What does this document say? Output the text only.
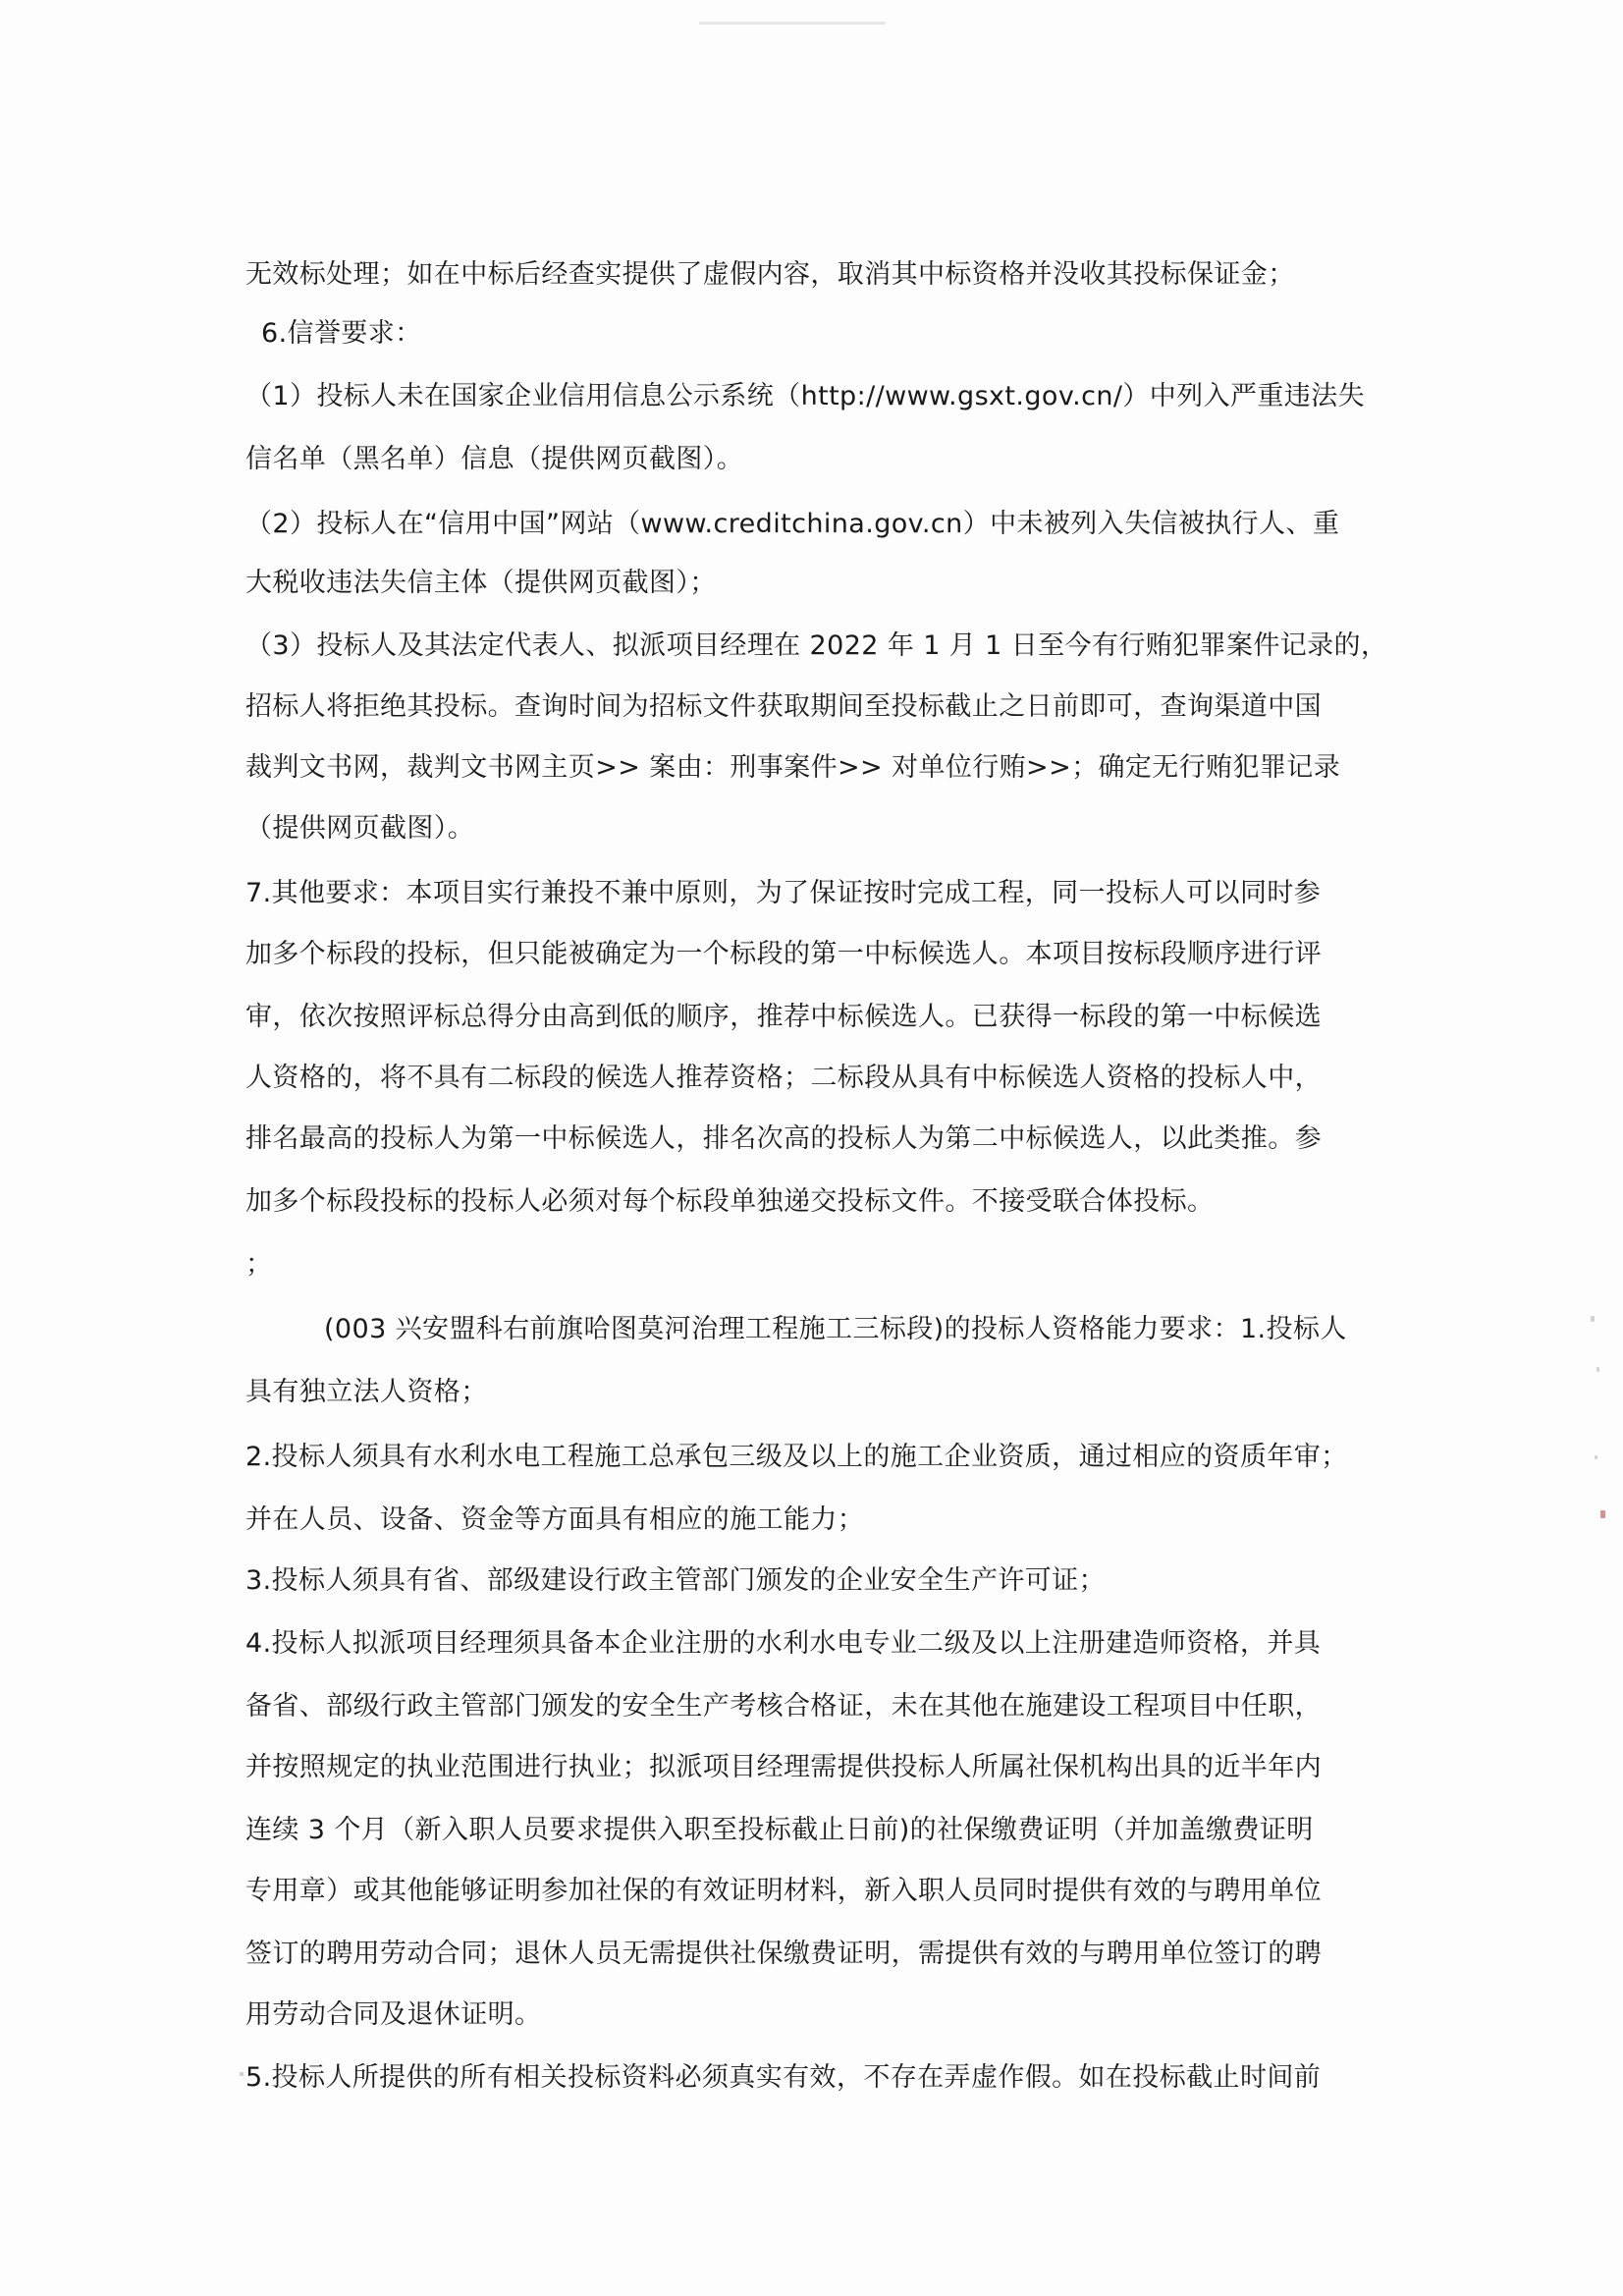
无效标处理；如在中标后经查实提供了虚假内容，取消其中标资格并没收其投标保证金；
6.信誉要求：
（1）投标人未在国家企业信用信息公示系统（http://www.gsxt.gov.cn/）中列入严重违法失
信名单（黑名单）信息（提供网页截图）。
（2）投标人在“信用中国”网站（www.creditchina.gov.cn）中未被列入失信被执行人、重
大税收违法失信主体（提供网页截图）；
（3）投标人及其法定代表人、拟派项目经理在 2022 年 1 月 1 日至今有行贿犯罪案件记录的，
招标人将拒绝其投标。查询时间为招标文件获取期间至投标截止之日前即可，查询渠道中国
裁判文书网，裁判文书网主页>> 案由：刑事案件>> 对单位行贿>>；确定无行贿犯罪记录
（提供网页截图）。
7.其他要求：本项目实行兼投不兼中原则，为了保证按时完成工程，同一投标人可以同时参
加多个标段的投标，但只能被确定为一个标段的第一中标候选人。本项目按标段顺序进行评
审，依次按照评标总得分由高到低的顺序，推荐中标候选人。已获得一标段的第一中标候选
人资格的，将不具有二标段的候选人推荐资格；二标段从具有中标候选人资格的投标人中，
排名最高的投标人为第一中标候选人，排名次高的投标人为第二中标候选人，以此类推。参
加多个标段投标的投标人必须对每个标段单独递交投标文件。不接受联合体投标。
；
(003 兴安盟科右前旗哈图莫河治理工程施工三标段)的投标人资格能力要求：1.投标人
具有独立法人资格；
2.投标人须具有水利水电工程施工总承包三级及以上的施工企业资质，通过相应的资质年审；
并在人员、设备、资金等方面具有相应的施工能力；
3.投标人须具有省、部级建设行政主管部门颁发的企业安全生产许可证；
4.投标人拟派项目经理须具备本企业注册的水利水电专业二级及以上注册建造师资格，并具
备省、部级行政主管部门颁发的安全生产考核合格证，未在其他在施建设工程项目中任职，
并按照规定的执业范围进行执业；拟派项目经理需提供投标人所属社保机构出具的近半年内
连续 3 个月（新入职人员要求提供入职至投标截止日前)的社保缴费证明（并加盖缴费证明
专用章）或其他能够证明参加社保的有效证明材料，新入职人员同时提供有效的与聘用单位
签订的聘用劳动合同；退休人员无需提供社保缴费证明，需提供有效的与聘用单位签订的聘
用劳动合同及退休证明。
5.投标人所提供的所有相关投标资料必须真实有效，不存在弄虚作假。如在投标截止时间前
